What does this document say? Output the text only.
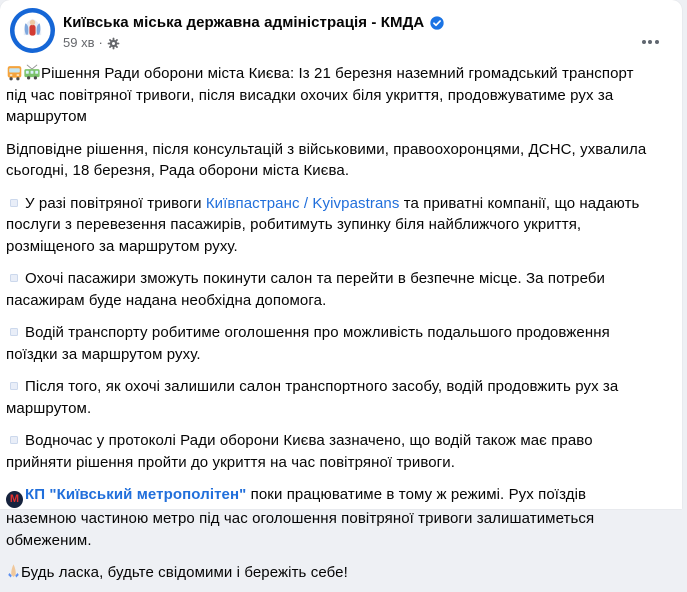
Київська міська державна адміністрація - КМДА
59 хв ·

Рішення Ради оборони міста Києва: Із 21 березня наземний громадський транспорт під час повітряної тривоги, після висадки охочих біля укриття, продовжуватиме рух за маршрутом

Відповідне рішення, після консультацій з військовими, правоохоронцями, ДСНС, ухвалила сьогодні, 18 березня, Рада оборони міста Києва.

У разі повітряної тривоги Київпастранс / Kyivpastrans та приватні компанії, що надають послуги з перевезення пасажирів, робитимуть зупинку біля найближчого укриття, розміщеного за маршрутом руху.

Охочі пасажири зможуть покинути салон та перейти в безпечне місце. За потреби пасажирам буде надана необхідна допомога.

Водій транспорту робитиме оголошення про можливість подальшого продовження поїздки за маршрутом руху.

Після того, як охочі залишили салон транспортного засобу, водій продовжить рух за маршрутом.

Водночас у протоколі Ради оборони Києва зазначено, що водій також має право прийняти рішення пройти до укриття на час повітряної тривоги.

M КП "Київський метрополітен" поки працюватиме в тому ж режимі. Рух поїздів наземною частиною метро під час оголошення повітряної тривоги залишатиметься обмеженим.

Будь ласка, будьте свідомими і бережіть себе!
